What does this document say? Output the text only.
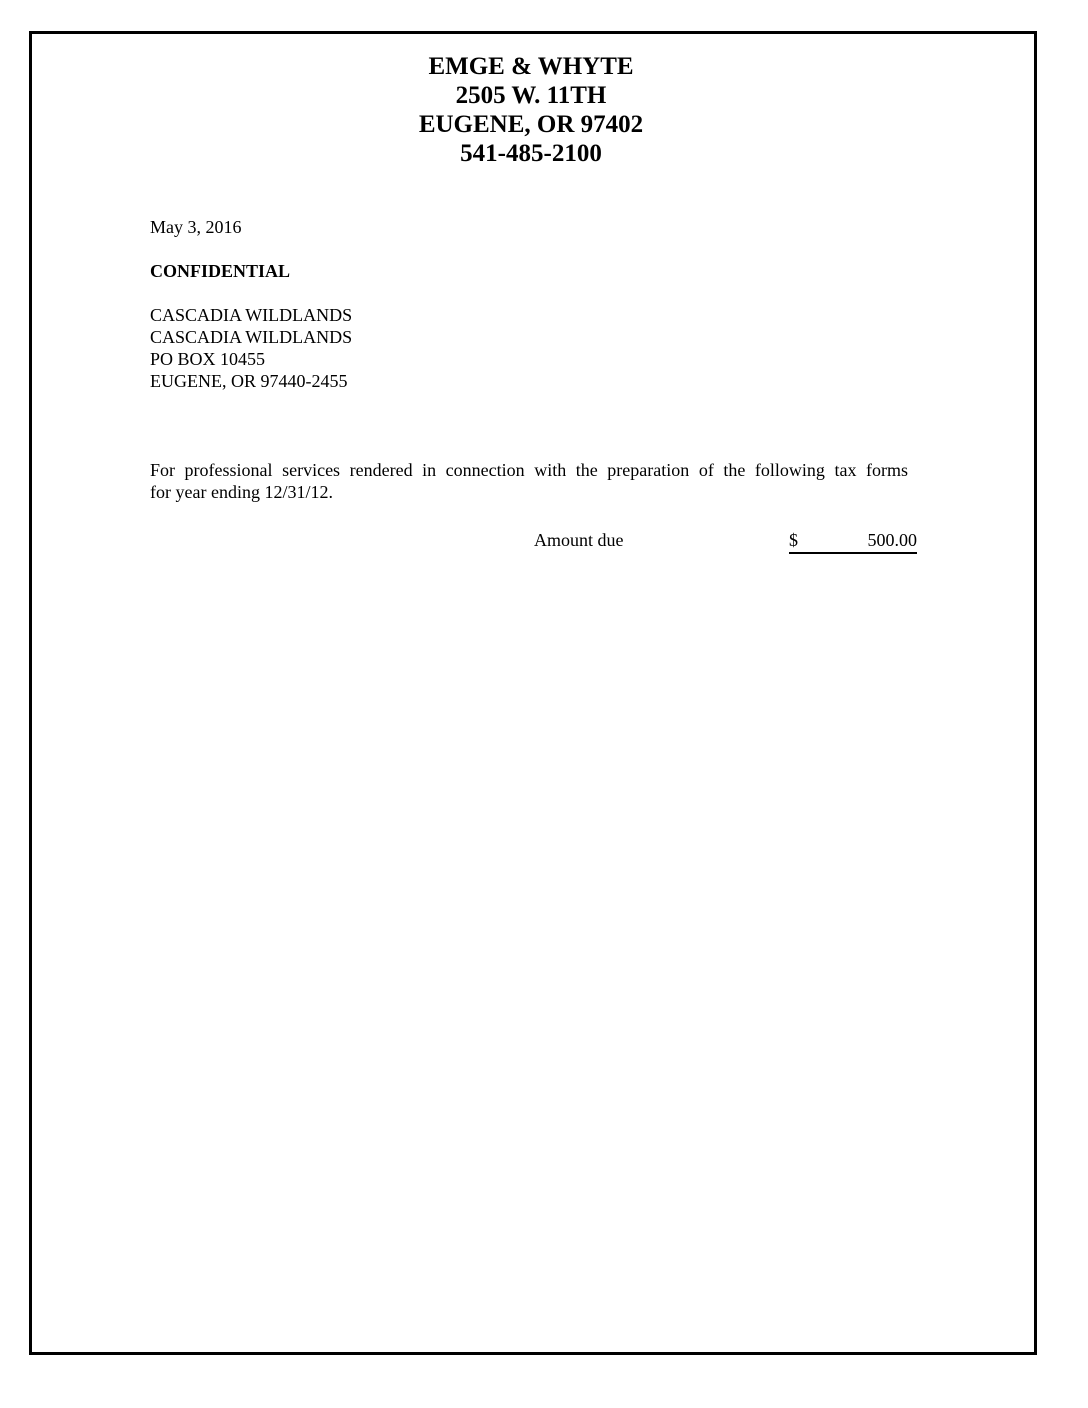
EMGE & WHYTE
2505 W. 11TH
EUGENE, OR 97402
541-485-2100
May 3, 2016
CONFIDENTIAL
CASCADIA WILDLANDS
CASCADIA WILDLANDS
PO BOX 10455
EUGENE, OR 97440-2455
For professional services rendered in connection with the preparation of the following tax forms
for year ending 12/31/12.
Amount due	$	500.00
